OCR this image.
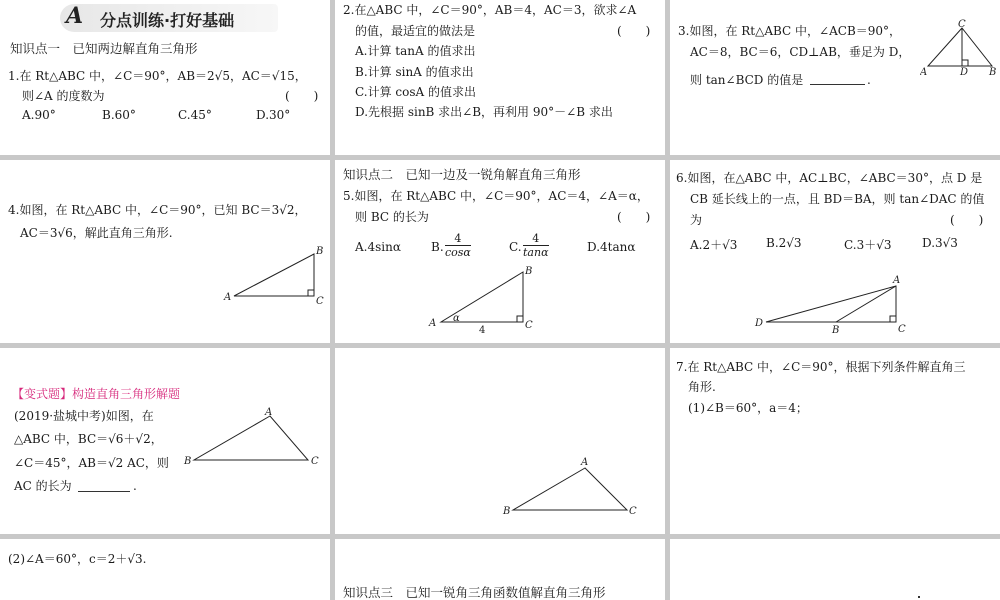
A 分点训练·打好基础
知识点一　已知两边解直角三角形
1.在 Rt△ABC 中，∠C＝90°，AB＝2√5，AC＝√15，
则∠A 的度数为	(　　)
A.90°	B.60°	C.45°	D.30°
2.在△ABC 中，∠C＝90°，AB＝4，AC＝3，欲求∠A
的值，最适宜的做法是	(　　)
A.计算 tanA 的值求出
B.计算 sinA 的值求出
C.计算 cosA 的值求出
D.先根据 sinB 求出∠B，再利用 90°－∠B 求出
3.如图，在 Rt△ABC 中，∠ACB＝90°，
AC＝8，BC＝6，CD⊥AB，垂足为 D，
则 tan∠BCD 的值是	.
C
A	D B
4.如图，在 Rt△ABC 中，∠C＝90°，已知 BC＝3√2，
AC＝3√6，解此直角三角形.
B
A	C
知识点二　已知一边及一锐角解直角三角形
5.如图，在 Rt△ABC 中，∠C＝90°，AC＝4，∠A＝α，
则 BC 的长为	(　　)
A.4sinα	B. $\frac{4}{\cos\alpha}$	C. $\frac{4}{\tan\alpha}$	D.4tanα
B
A α
C
4
6.如图，在△ABC 中，AC⊥BC，∠ABC＝30°，点 D 是
CB 延长线上的一点，且 BD＝BA，则 tan∠DAC 的值
为	(　　)
A.2＋√3 B.2√3	C.3＋√3	D.3√3
A
D
B	C
【变式题】构造直角三角形解题
(2019·盐城中考)如图，在
△ABC 中，BC＝√6＋√2，
∠C＝45°，AB＝√2 AC，则
AC 的长为	.
A
B	C	A
B	C
7.在 Rt△ABC 中，∠C＝90°，根据下列条件解直角三
角形.
(1)∠B＝60°，a＝4；
(2)∠A＝60°，c＝2＋√3.
知识点三　已知一锐角三角函数值解直角三角形
